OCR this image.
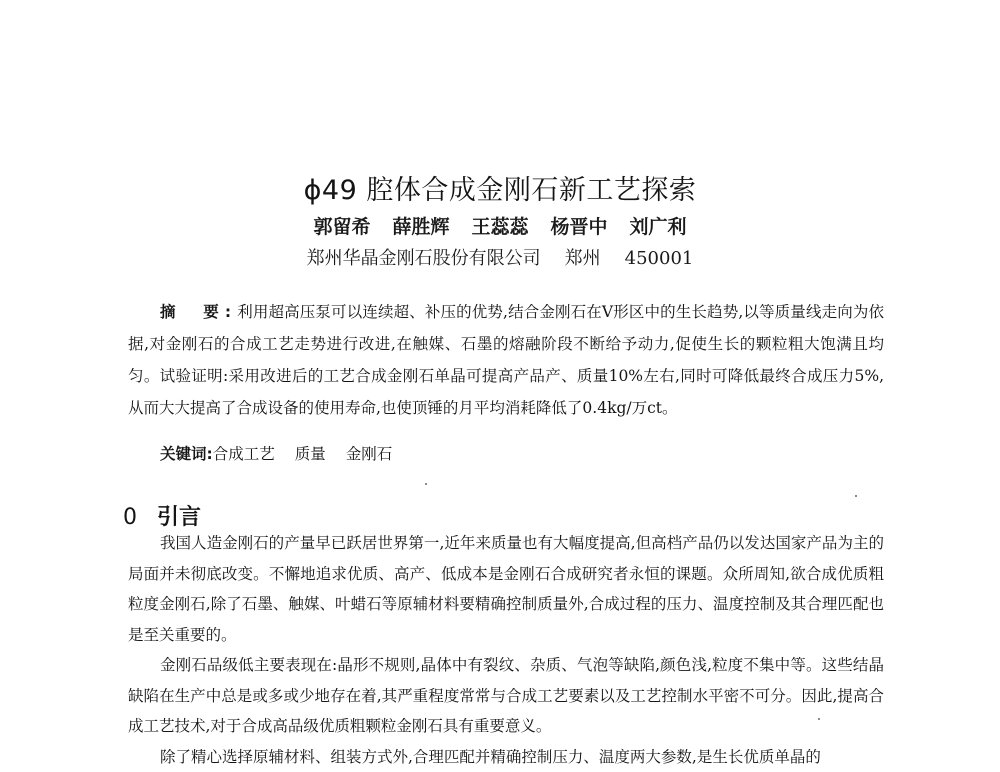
ϕ49 腔体合成金刚石新工艺探索
郭留希 薛胜辉 王蕊蕊 杨晋中 刘广利
郑州华晶金刚石股份有限公司 郑州 450001
摘　要:利用超高压泵可以连续超、补压的优势,结合金刚石在V形区中的生长趋势,以等质量线走向为依据,对金刚石的合成工艺走势进行改进,在触媒、石墨的熔融阶段不断给予动力,促使生长的颗粒粗大饱满且均匀。试验证明:采用改进后的工艺合成金刚石单晶可提高产品产、质量10%左右,同时可降低最终合成压力5%,从而大大提高了合成设备的使用寿命,也使顶锤的月平均消耗降低了0.4kg/万ct。
关键词:合成工艺 质量 金刚石
0 引言

我国人造金刚石的产量早已跃居世界第一,近年来质量也有大幅度提高,但高档产品仍以发达国家产品为主的局面并未彻底改变。不懈地追求优质、高产、低成本是金刚石合成研究者永恒的课题。众所周知,欲合成优质粗粒度金刚石,除了石墨、触媒、叶蜡石等原辅材料要精确控制质量外,合成过程的压力、温度控制及其合理匹配也是至关重要的。

金刚石品级低主要表现在:晶形不规则,晶体中有裂纹、杂质、气泡等缺陷,颜色浅,粒度不集中等。这些结晶缺陷在生产中总是或多或少地存在着,其严重程度常常与合成工艺要素以及工艺控制水平密不可分。因此,提高合成工艺技术,对于合成高品级优质粗颗粒金刚石具有重要意义。

除了精心选择原辅材料、组装方式外,合理匹配并精确控制压力、温度两大参数,是生长优质单晶的
